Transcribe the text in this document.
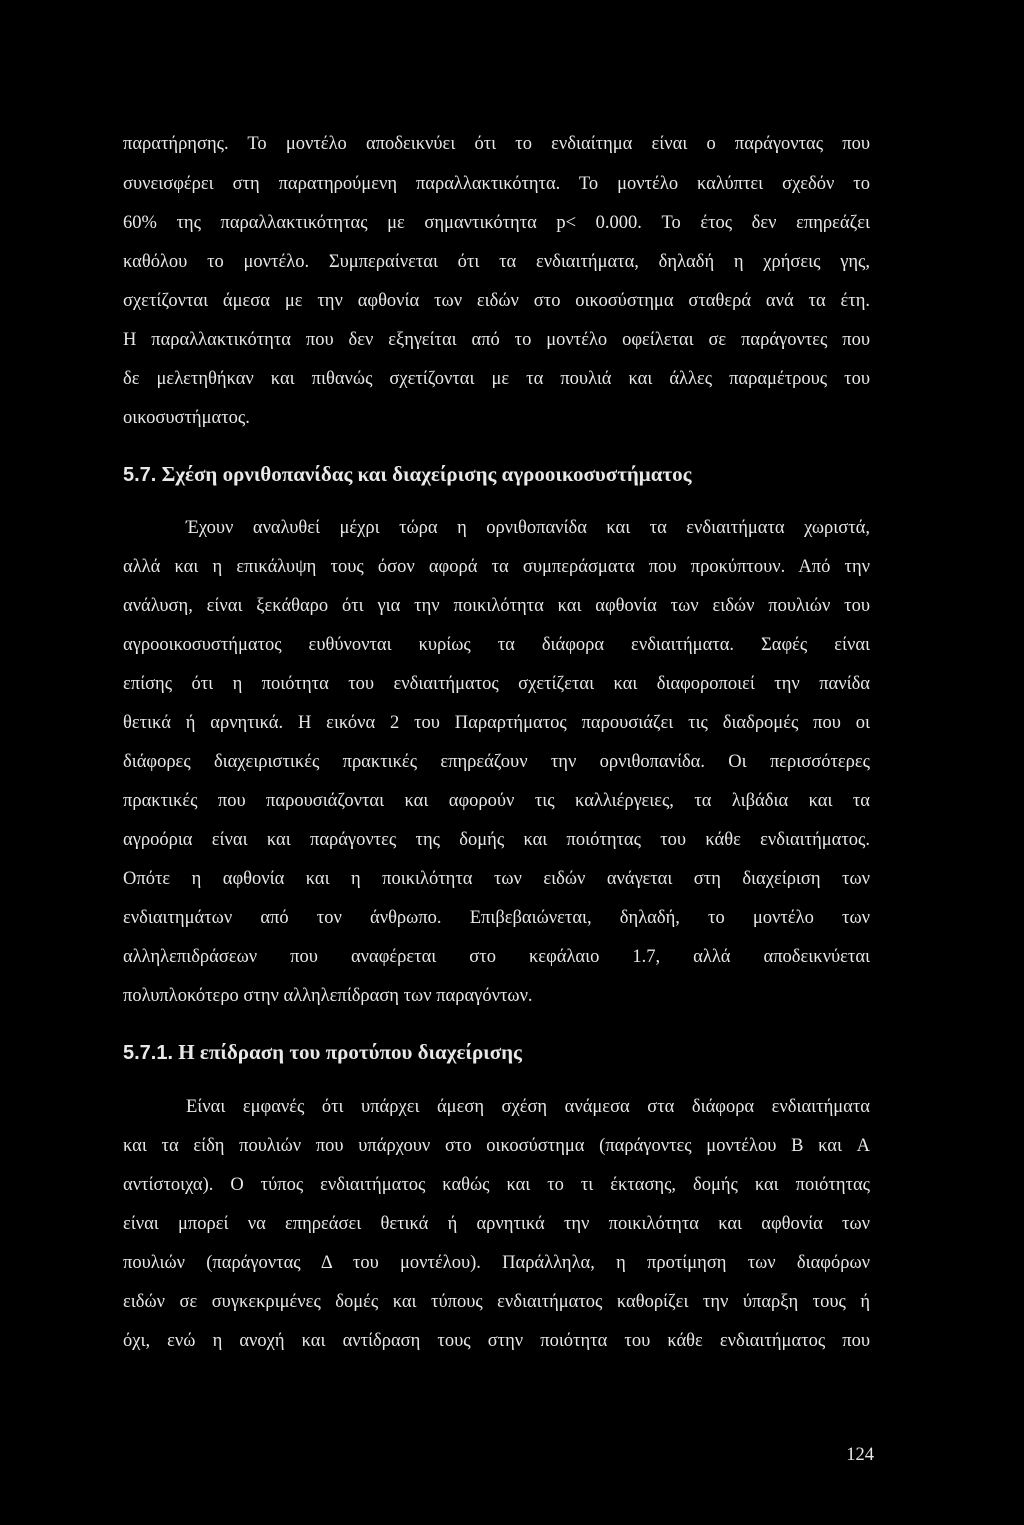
παρατήρησης. Το μοντέλο αποδεικνύει ότι το ενδιαίτημα είναι ο παράγοντας που
συνεισφέρει στη παρατηρούμενη παραλλακτικότητα. Το μοντέλο καλύπτει σχεδόν το
60% της παραλλακτικότητας με σημαντικότητα p< 0.000. Το έτος δεν επηρεάζει
καθόλου το μοντέλο. Συμπεραίνεται ότι τα ενδιαιτήματα, δηλαδή η χρήσεις γης,
σχετίζονται άμεσα με την αφθονία των ειδών στο οικοσύστημα σταθερά ανά τα έτη.
Η παραλλακτικότητα που δεν εξηγείται από το μοντέλο οφείλεται σε παράγοντες που
δε μελετηθήκαν και πιθανώς σχετίζονται με τα πουλιά και άλλες παραμέτρους του
οικοσυστήματος.
5.7. Σχέση ορνιθοπανίδας και διαχείρισης αγροοικοσυστήματος
Έχουν αναλυθεί μέχρι τώρα η ορνιθοπανίδα και τα ενδιαιτήματα χωριστά,
αλλά και η επικάλυψη τους όσον αφορά τα συμπεράσματα που προκύπτουν. Από την
ανάλυση, είναι ξεκάθαρο ότι για την ποικιλότητα και αφθονία των ειδών πουλιών του
αγροοικοσυστήματος ευθύνονται κυρίως τα διάφορα ενδιαιτήματα. Σαφές είναι
επίσης ότι η ποιότητα του ενδιαιτήματος σχετίζεται και διαφοροποιεί την πανίδα
θετικά ή αρνητικά. Η εικόνα 2 του Παραρτήματος παρουσιάζει τις διαδρομές που οι
διάφορες διαχειριστικές πρακτικές επηρεάζουν την ορνιθοπανίδα. Οι περισσότερες
πρακτικές που παρουσιάζονται και αφορούν τις καλλιέργειες, τα λιβάδια και τα
αγρoόρια είναι και παράγοντες της δομής και ποιότητας του κάθε ενδιαιτήματος.
Οπότε η αφθονία και η ποικιλότητα των ειδών ανάγεται στη διαχείριση των
ενδιαιτημάτων από τον άνθρωπο. Επιβεβαιώνεται, δηλαδή, το μοντέλο των
αλληλεπιδράσεων που αναφέρεται στο κεφάλαιο 1.7, αλλά αποδεικνύεται
πολυπλοκότερο στην αλληλεπίδραση των παραγόντων.
5.7.1. Η επίδραση του προτύπου διαχείρισης
Είναι εμφανές ότι υπάρχει άμεση σχέση ανάμεσα στα διάφορα ενδιαιτήματα
και τα είδη πουλιών που υπάρχουν στο οικοσύστημα (παράγοντες μοντέλου B και A
αντίστοιχα). Ο τύπος ενδιαιτήματος καθώς και το τι έκτασης, δομής και ποιότητας
είναι μπορεί να επηρεάσει θετικά ή αρνητικά την ποικιλότητα και αφθονία των
πουλιών (παράγοντας Δ του μοντέλου). Παράλληλα, η προτίμηση των διαφόρων
ειδών σε συγκεκριμένες δομές και τύπους ενδιαιτήματος καθορίζει την ύπαρξη τους ή
όχι, ενώ η ανοχή και αντίδραση τους στην ποιότητα του κάθε ενδιαιτήματος που
124
